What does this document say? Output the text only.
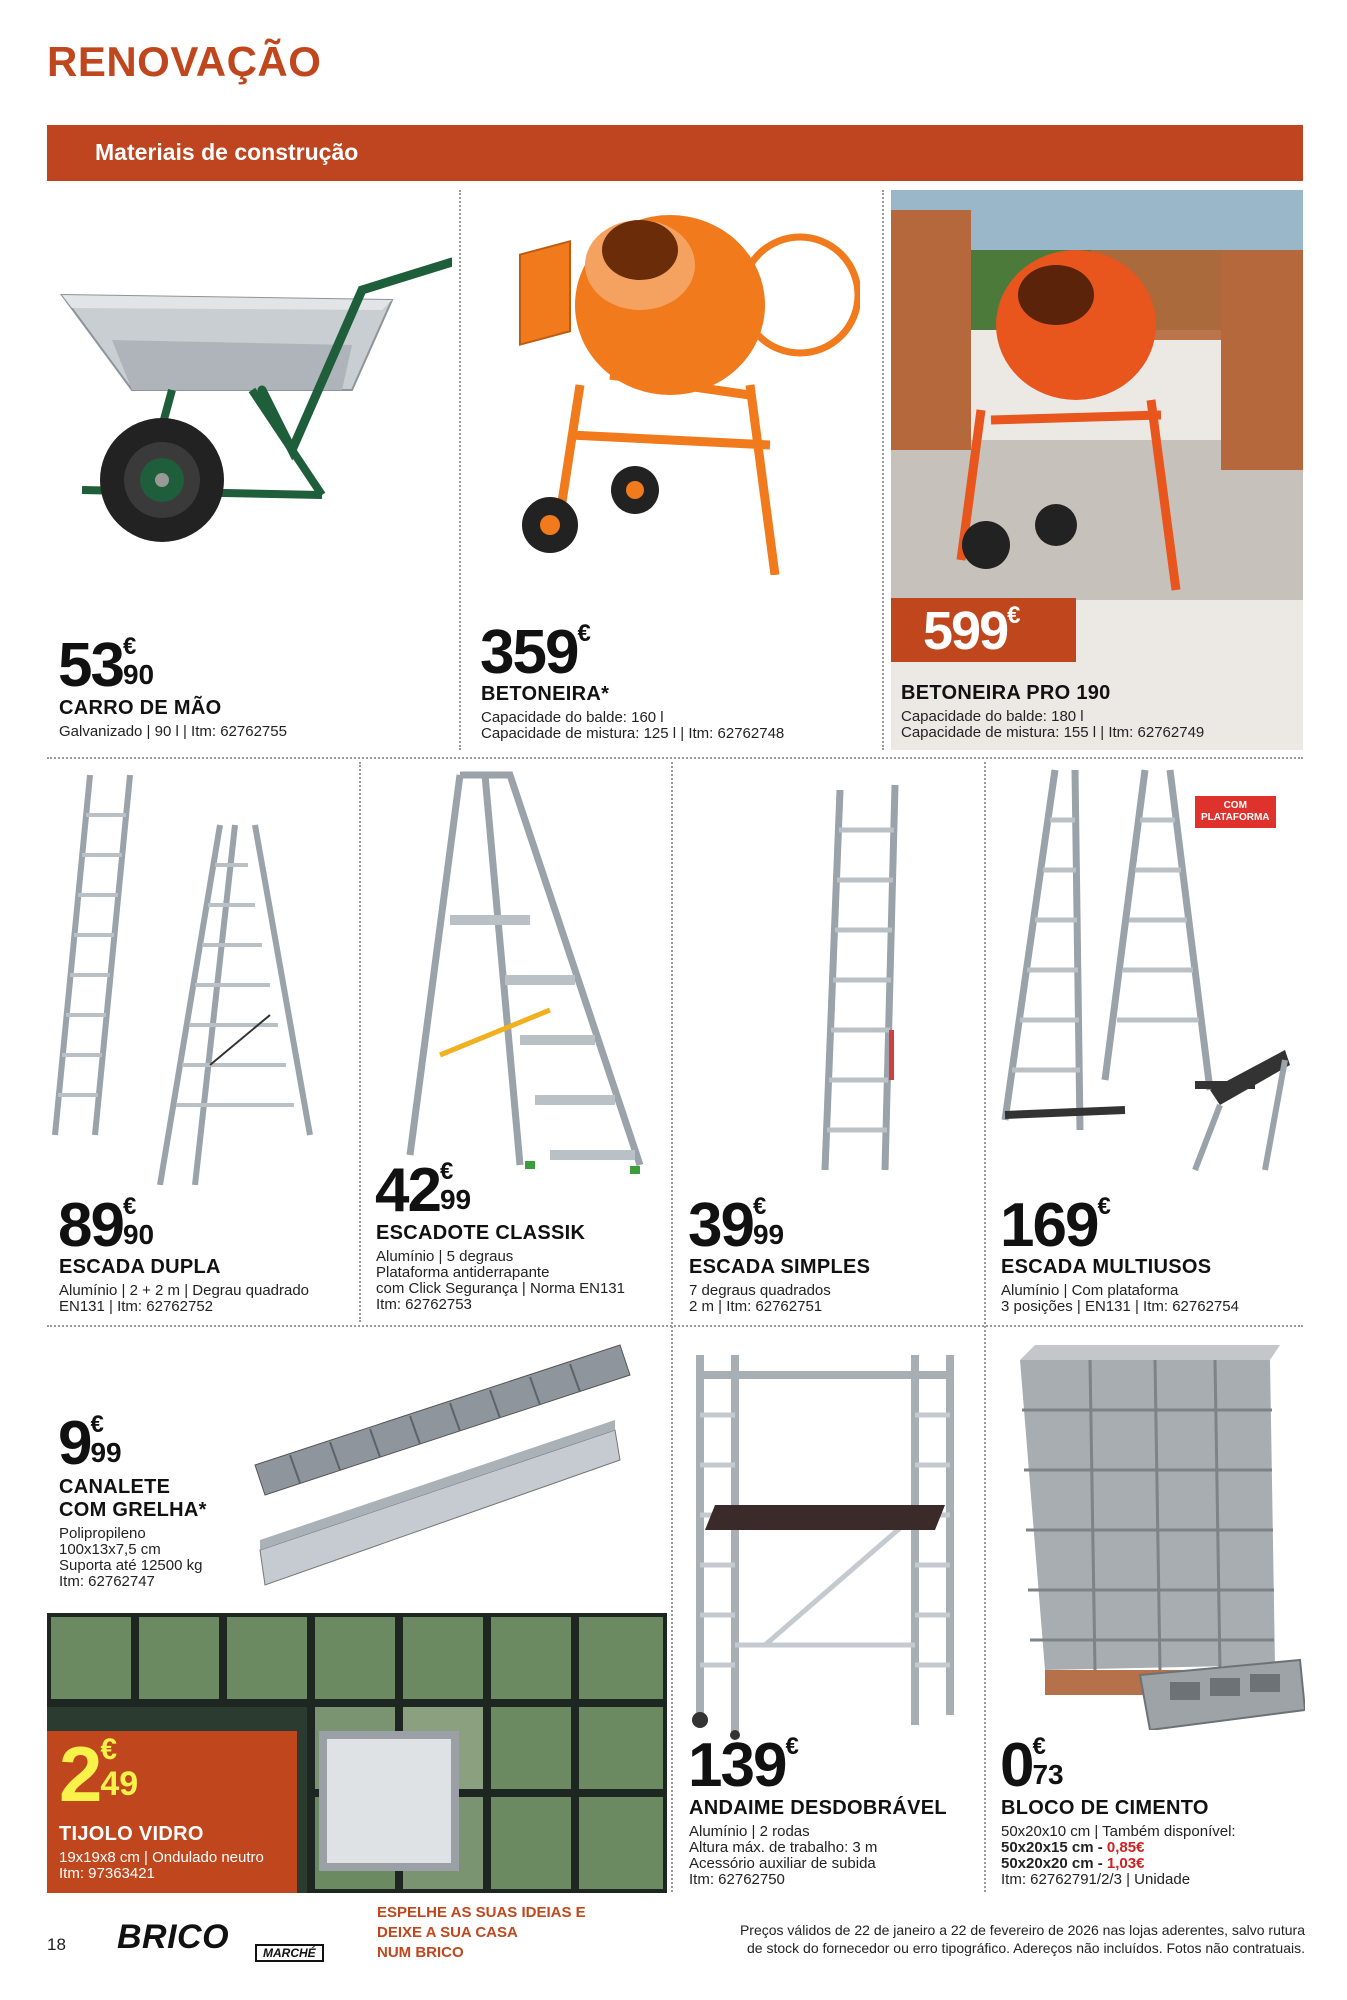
RENOVAÇÃO
Materiais de construção
53 €
90
CARRO DE MÃO
Galvanizado | 90 l | Itm: 62762755
359 €
BETONEIRA*
Capacidade do balde: 160 l
Capacidade de mistura: 125 l | Itm: 62762748
599 €
BETONEIRA PRO 190
Capacidade do balde: 180 l
Capacidade de mistura: 155 l | Itm: 62762749
89 €
90
ESCADA DUPLA
Alumínio | 2 + 2 m | Degrau quadrado
EN131 | Itm: 62762752
42 €
99
ESCADOTE CLASSIK
Alumínio | 5 degraus
Plataforma antiderrapante
com Click Segurança | Norma EN131
Itm: 62762753
39 €
99
ESCADA SIMPLES
7 degraus quadrados
2 m | Itm: 62762751
COM
PLATAFORMA
169 €
ESCADA MULTIUSOS
Alumínio | Com plataforma
3 posições | EN131 | Itm: 62762754
9 €
99
CANALETE
COM GRELHA*
Polipropileno
100x13x7,5 cm
Suporta até 12500 kg
Itm: 62762747
2 €
49
TIJOLO VIDRO
19x19x8 cm | Ondulado neutro
Itm: 97363421
139 €
ANDAIME DESDOBRÁVEL
Alumínio | 2 rodas
Altura máx. de trabalho: 3 m
Acessório auxiliar de subida
Itm: 62762750
0 €
73
BLOCO DE CIMENTO
50x20x10 cm | Também disponível:
50x20x15 cm - 0,85€
50x20x20 cm - 1,03€
Itm: 62762791/2/3 | Unidade
18 BRICO	MARCHÉ
ESPELHE AS SUAS IDEIAS E
DEIXE A SUA CASA
NUM BRICO
Preços válidos de 22 de janeiro a 22 de fevereiro de 2026 nas lojas aderentes, salvo rutura
de stock do fornecedor ou erro tipográfico. Adereços não incluídos. Fotos não contratuais.
